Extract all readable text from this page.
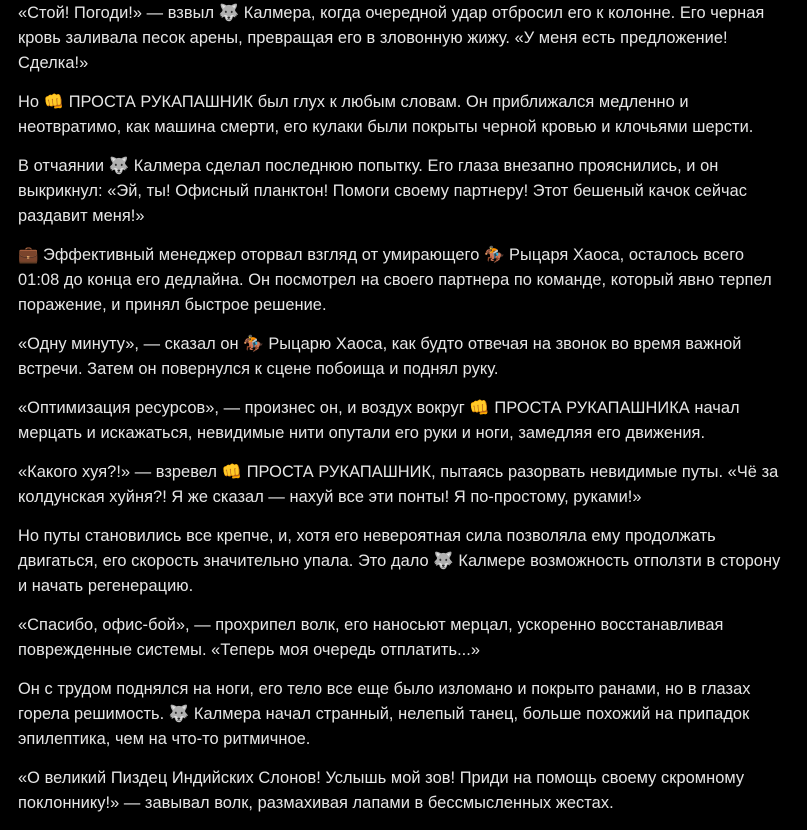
«Стой! Погоди!» — взвыл 🐺 Калмера, когда очередной удар отбросил его к колонне. Его черная кровь заливала песок арены, превращая его в зловонную жижу. «У меня есть предложение! Сделка!»

Но 👊 ПРОСТА РУКАПАШНИК был глух к любым словам. Он приближался медленно и неотвратимо, как машина смерти, его кулаки были покрыты черной кровью и клочьями шерсти.

В отчаянии 🐺 Калмера сделал последнюю попытку. Его глаза внезапно прояснились, и он выкрикнул: «Эй, ты! Офисный планктон! Помоги своему партнеру! Этот бешеный качок сейчас раздавит меня!»

💼 Эффективный менеджер оторвал взгляд от умирающего 🏇 Рыцаря Хаоса, осталось всего 01:08 до конца его дедлайна. Он посмотрел на своего партнера по команде, который явно терпел поражение, и принял быстрое решение.

«Одну минуту», — сказал он 🏇 Рыцарю Хаоса, как будто отвечая на звонок во время важной встречи. Затем он повернулся к сцене побоища и поднял руку.

«Оптимизация ресурсов», — произнес он, и воздух вокруг 👊 ПРОСТА РУКАПАШНИКА начал мерцать и искажаться, невидимые нити опутали его руки и ноги, замедляя его движения.

«Какого хуя?!» — взревел 👊 ПРОСТА РУКАПАШНИК, пытаясь разорвать невидимые путы. «Чё за колдунская хуйня?! Я же сказал — нахуй все эти понты! Я по-простому, руками!»

Но путы становились все крепче, и, хотя его невероятная сила позволяла ему продолжать двигаться, его скорость значительно упала. Это дало 🐺 Калмере возможность отползти в сторону и начать регенерацию.

«Спасибо, офис-бой», — прохрипел волк, его наносьют мерцал, ускоренно восстанавливая поврежденные системы. «Теперь моя очередь отплатить...»

Он с трудом поднялся на ноги, его тело все еще было изломано и покрыто ранами, но в глазах горела решимость. 🐺 Калмера начал странный, нелепый танец, больше похожий на припадок эпилептика, чем на что-то ритмичное.

«О великий Пиздец Индийских Слонов! Услышь мой зов! Приди на помощь своему скромному поклоннику!» — завывал волк, размахивая лапами в бессмысленных жестах.
